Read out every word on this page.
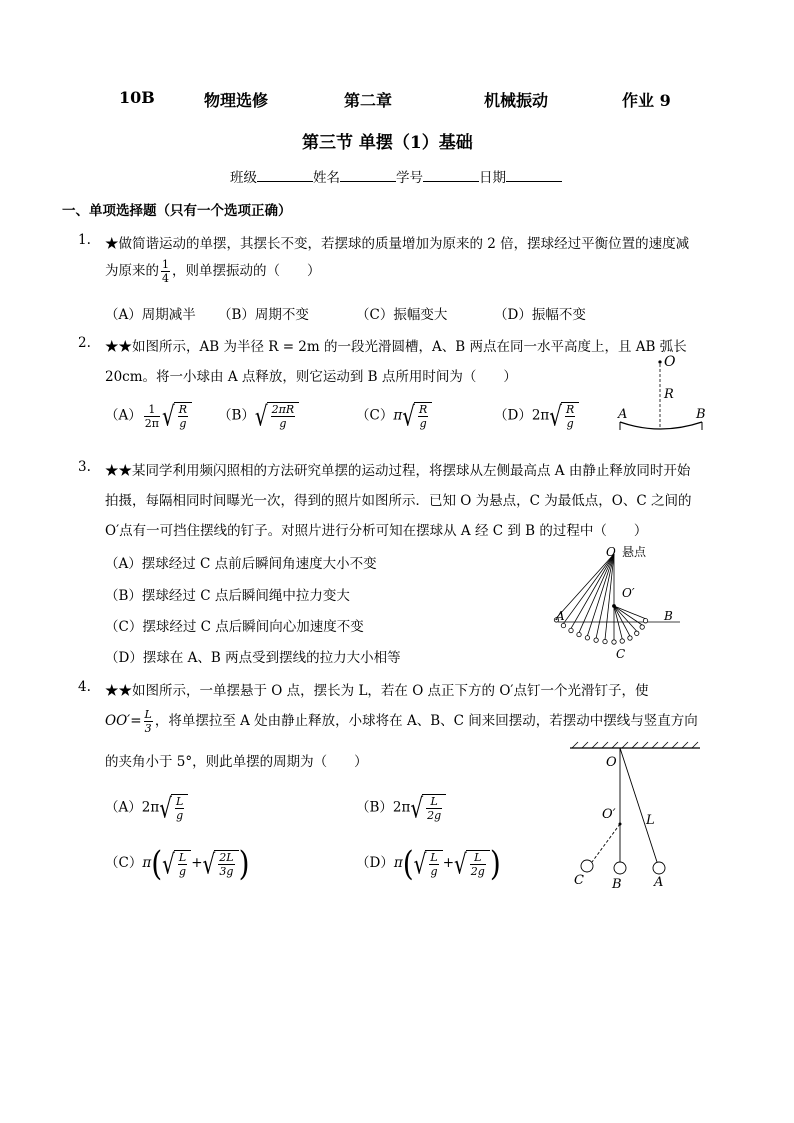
10B	物理选修	第二章	机械振动	作业 9
第三节 单摆（1）基础
班级	姓名	学号	日期
一、单项选择题（只有一个选项正确）
1. ★做简谐运动的单摆，其摆长不变，若摆球的质量增加为原来的 2 倍，摆球经过平衡位置的速度减
为原来的 $\frac{1}{4}$ ，则单摆振动的（　　）
（A）周期减半 （B）周期不变	（C）振幅变大	（D）振幅不变
2. ★★如图所示，AB 为半径 R = 2m 的一段光滑圆槽，A、B 两点在同一水平高度上，且 AB 弧长
20cm。将一小球由 A 点释放，则它运动到 B 点所用时间为（　　）
$(A) \frac{1}{2\pi}$ √ $\frac{R}{g} (B)√ \frac{2\pi R}{g}$	$(C)\pi√ \frac{R}{g}$	$(D)2\pi√ \frac{R}{g}$
O
R
A	B
3. ★★某同学利用频闪照相的方法研究单摆的运动过程，将摆球从左侧最高点 A 由静止释放同时开始
拍摄，每隔相同时间曝光一次，得到的照片如图所示．已知 O 为悬点，C 为最低点，O、C 之间的
O′点有一可挡住摆线的钉子。对照片进行分析可知在摆球从 A 经 C 到 B 的过程中（　　）
（A）摆球经过 C 点前后瞬间角速度大小不变
（B）摆球经过 C 点后瞬间绳中拉力变大
（C）摆球经过 C 点后瞬间向心加速度不变
（D）摆球在 A、B 两点受到摆线的拉力大小相等
O 悬点
O′
A	B
C
4. ★★如图所示，一单摆悬于 O 点，摆长为 L，若在 O 点正下方的 O′点钉一个光滑钉子，使
$OO'= \frac{L}{3}$ ，将单摆拉至 A 处由静止释放，小球将在 A、B、C 间来回摆动，若摆动中摆线与竖直方向
的夹角小于 5°，则此单摆的周期为（　　）
$(A)2\pi√ \frac{L}{g}$	$(B)2\pi√ \frac{L}{2g}$
$(C)\pi(√ \frac{L}{g}$ +√ $\frac{2L}{3g}$ )	$(D)\pi(√ \frac{L}{g}$ +√ $\frac{L}{2g}$ )
O
O′ L
C B A
